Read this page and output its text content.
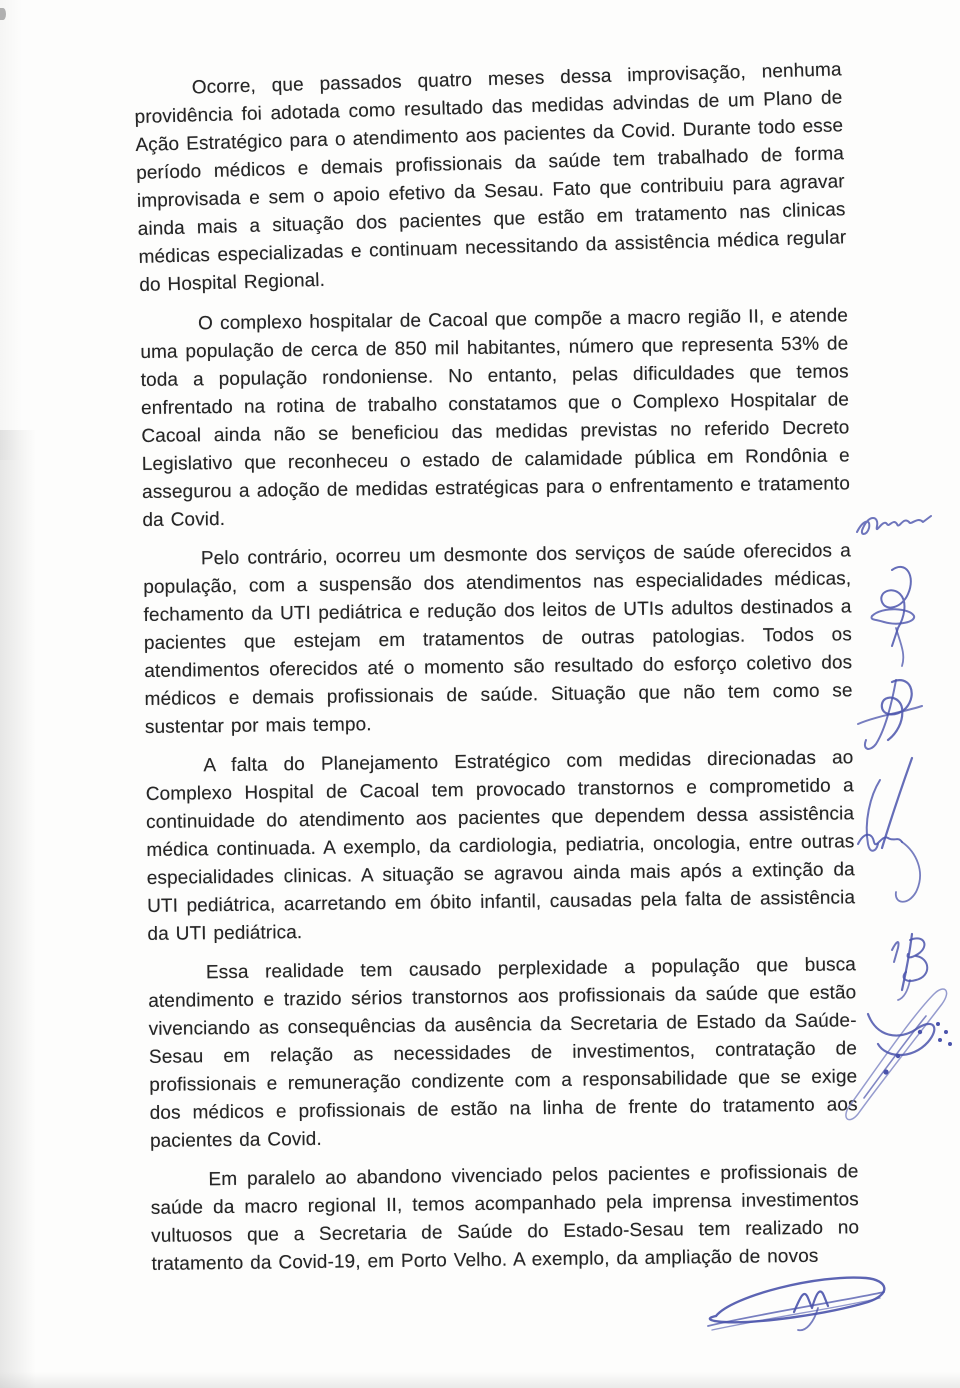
Ocorre, que passados quatro meses dessa improvisação, nenhuma providência foi adotada como resultado das medidas advindas de um Plano de Ação Estratégico para o atendimento aos pacientes da Covid. Durante todo esse período médicos e demais profissionais da saúde tem trabalhado de forma improvisada e sem o apoio efetivo da Sesau. Fato que contribuiu para agravar ainda mais a situação dos pacientes que estão em tratamento nas clinicas médicas especializadas e continuam necessitando da assistência médica regular do Hospital Regional.

O complexo hospitalar de Cacoal que compõe a macro região II, e atende uma população de cerca de 850 mil habitantes, número que representa 53% de toda a população rondoniense. No entanto, pelas dificuldades que temos enfrentado na rotina de trabalho constatamos que o Complexo Hospitalar de Cacoal ainda não se beneficiou das medidas previstas no referido Decreto Legislativo que reconheceu o estado de calamidade pública em Rondônia e assegurou a adoção de medidas estratégicas para o enfrentamento e tratamento da Covid.

Pelo contrário, ocorreu um desmonte dos serviços de saúde oferecidos a população, com a suspensão dos atendimentos nas especialidades médicas, fechamento da UTI pediátrica e redução dos leitos de UTIs adultos destinados a pacientes que estejam em tratamentos de outras patologias. Todos os atendimentos oferecidos até o momento são resultado do esforço coletivo dos médicos e demais profissionais de saúde. Situação que não tem como se sustentar por mais tempo.

A falta do Planejamento Estratégico com medidas direcionadas ao Complexo Hospital de Cacoal tem provocado transtornos e comprometido a continuidade do atendimento aos pacientes que dependem dessa assistência médica continuada. A exemplo, da cardiologia, pediatria, oncologia, entre outras especialidades clinicas. A situação se agravou ainda mais após a extinção da UTI pediátrica, acarretando em óbito infantil, causadas pela falta de assistência da UTI pediátrica.

Essa realidade tem causado perplexidade a população que busca atendimento e trazido sérios transtornos aos profissionais da saúde que estão vivenciando as consequências da ausência da Secretaria de Estado da Saúde-Sesau em relação as necessidades de investimentos, contratação de profissionais e remuneração condizente com a responsabilidade que se exige dos médicos e profissionais de estão na linha de frente do tratamento aos pacientes da Covid.

Em paralelo ao abandono vivenciado pelos pacientes e profissionais de saúde da macro regional II, temos acompanhado pela imprensa investimentos vultuosos que a Secretaria de Saúde do Estado-Sesau tem realizado no tratamento da Covid-19, em Porto Velho. A exemplo, da ampliação de novos
